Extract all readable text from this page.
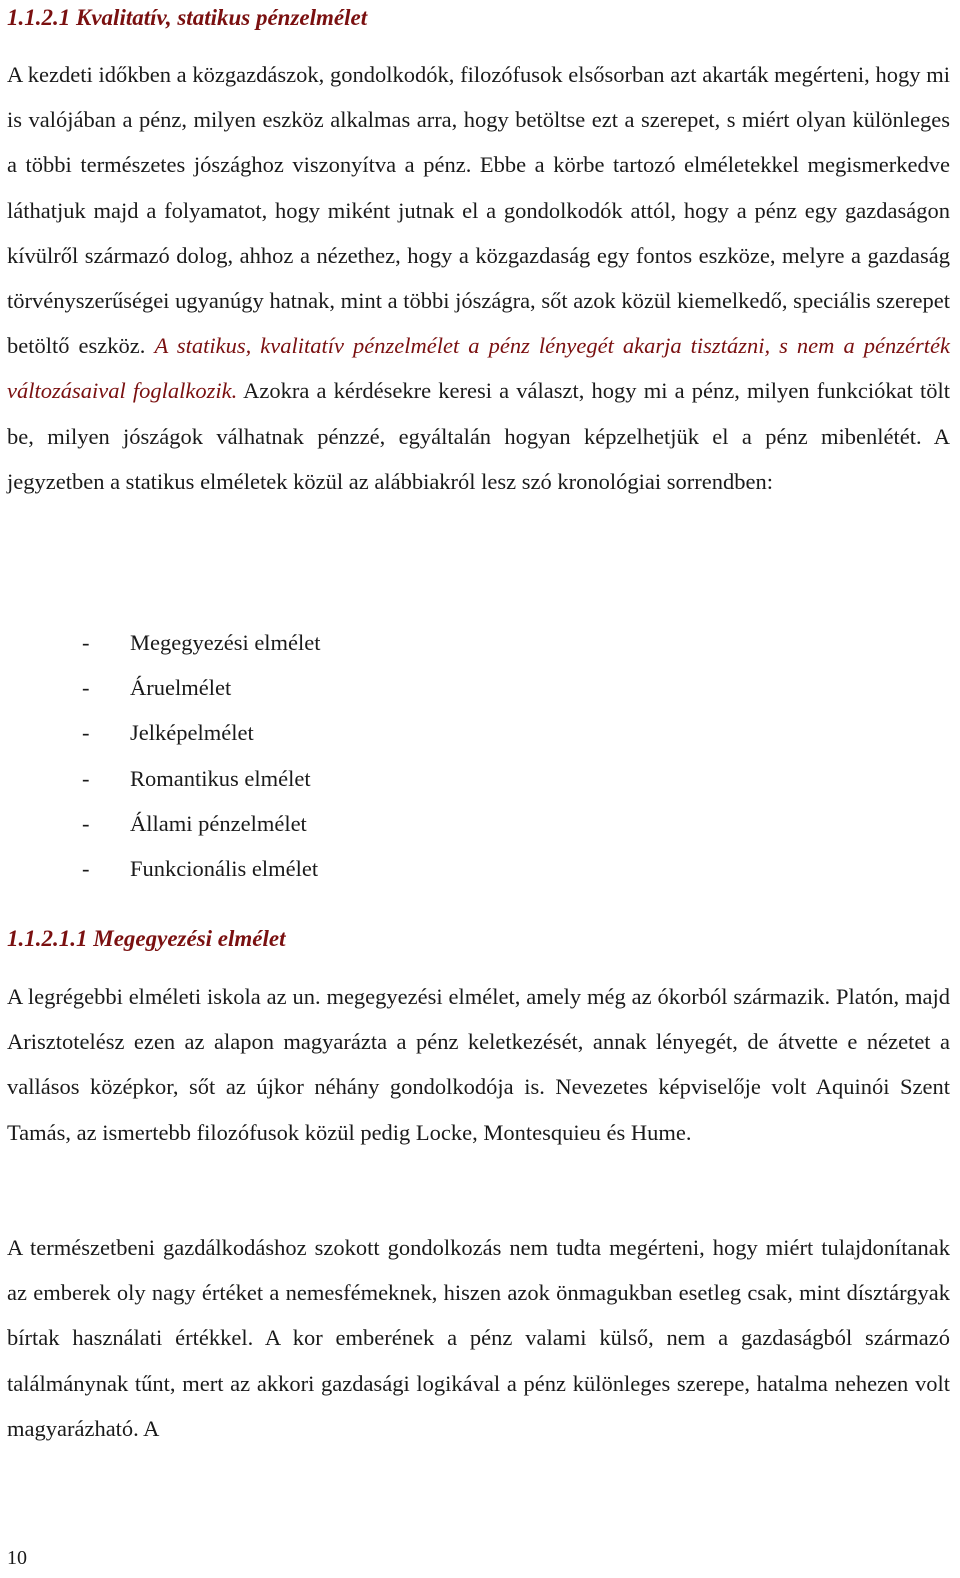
1.1.2.1 Kvalitatív, statikus pénzelmélet

A kezdeti időkben a közgazdászok, gondolkodók, filozófusok elsősorban azt akarták megérteni, hogy mi is valójában a pénz, milyen eszköz alkalmas arra, hogy betöltse ezt a szerepet, s miért olyan különleges a többi természetes jószághoz viszonyítva a pénz. Ebbe a körbe tartozó elméletekkel megismerkedve láthatjuk majd a folyamatot, hogy miként jutnak el a gondolkodók attól, hogy a pénz egy gazdaságon kívülről származó dolog, ahhoz a nézethez, hogy a közgazdaság egy fontos eszköze, melyre a gazdaság törvényszerűségei ugyanúgy hatnak, mint a többi jószágra, sőt azok közül kiemelkedő, speciális szerepet betöltő eszköz. A statikus, kvalitatív pénzelmélet a pénz lényegét akarja tisztázni, s nem a pénzérték változásaival foglalkozik. Azokra a kérdésekre keresi a választ, hogy mi a pénz, milyen funkciókat tölt be, milyen jószágok válhatnak pénzzé, egyáltalán hogyan képzelhetjük el a pénz mibenlétét. A jegyzetben a statikus elméletek közül az alábbiakról lesz szó kronológiai sorrendben:

-	Megegyezési elmélet
-	Áruelmélet
-	Jelképelmélet
-	Romantikus elmélet
-	Állami pénzelmélet
-	Funkcionális elmélet
1.1.2.1.1 Megegyezési elmélet

A legrégebbi elméleti iskola az un. megegyezési elmélet, amely még az ókorból származik. Platón, majd Arisztotelész ezen az alapon magyarázta a pénz keletkezését, annak lényegét, de átvette e nézetet a vallásos középkor, sőt az újkor néhány gondolkodója is. Nevezetes képviselője volt Aquinói Szent Tamás, az ismertebb filozófusok közül pedig Locke, Montesquieu és Hume.

A természetbeni gazdálkodáshoz szokott gondolkozás nem tudta megérteni, hogy miért tulajdonítanak az emberek oly nagy értéket a nemesfémeknek, hiszen azok önmagukban esetleg csak, mint dísztárgyak bírtak használati értékkel. A kor emberének a pénz valami külső, nem a gazdaságból származó találmánynak tűnt, mert az akkori gazdasági logikával a pénz különleges szerepe, hatalma nehezen volt magyarázható. A

10
